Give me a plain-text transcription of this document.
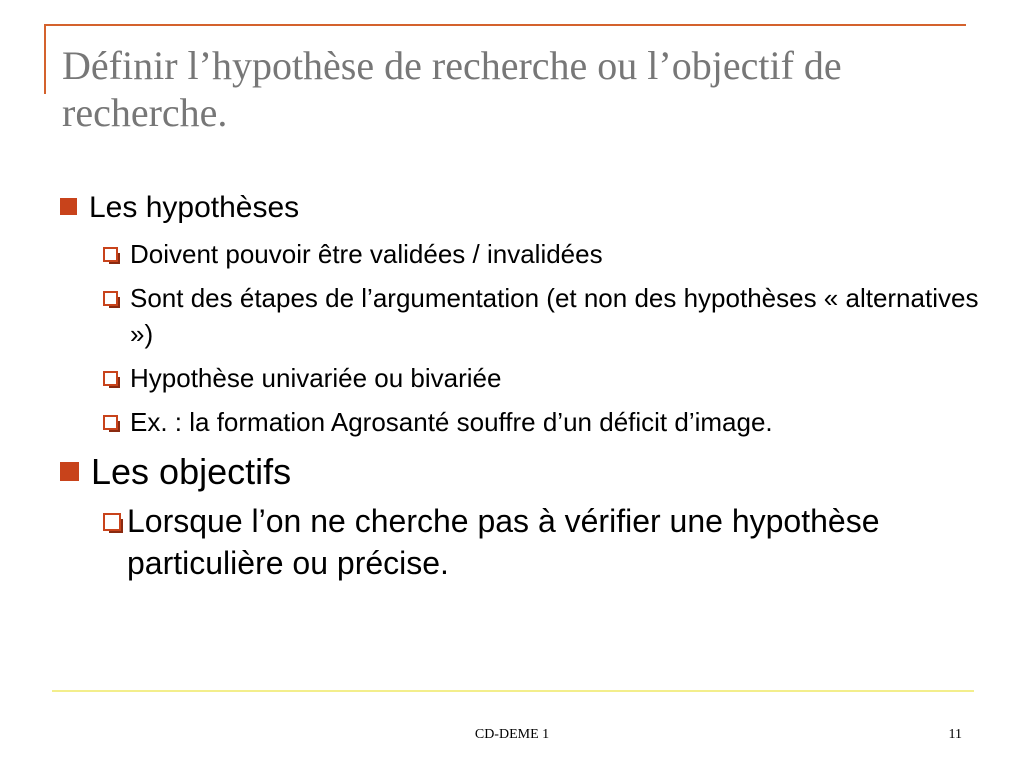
Définir l’hypothèse de recherche ou l’objectif de recherche.
Les hypothèses
Doivent pouvoir être validées / invalidées
Sont des étapes de l’argumentation (et non des hypothèses « alternatives »)
Hypothèse univariée ou bivariée
Ex. : la formation Agrosanté souffre d’un déficit d’image.
Les objectifs
Lorsque l’on ne cherche pas à vérifier une hypothèse particulière ou précise.
CD-DEME 1	11
